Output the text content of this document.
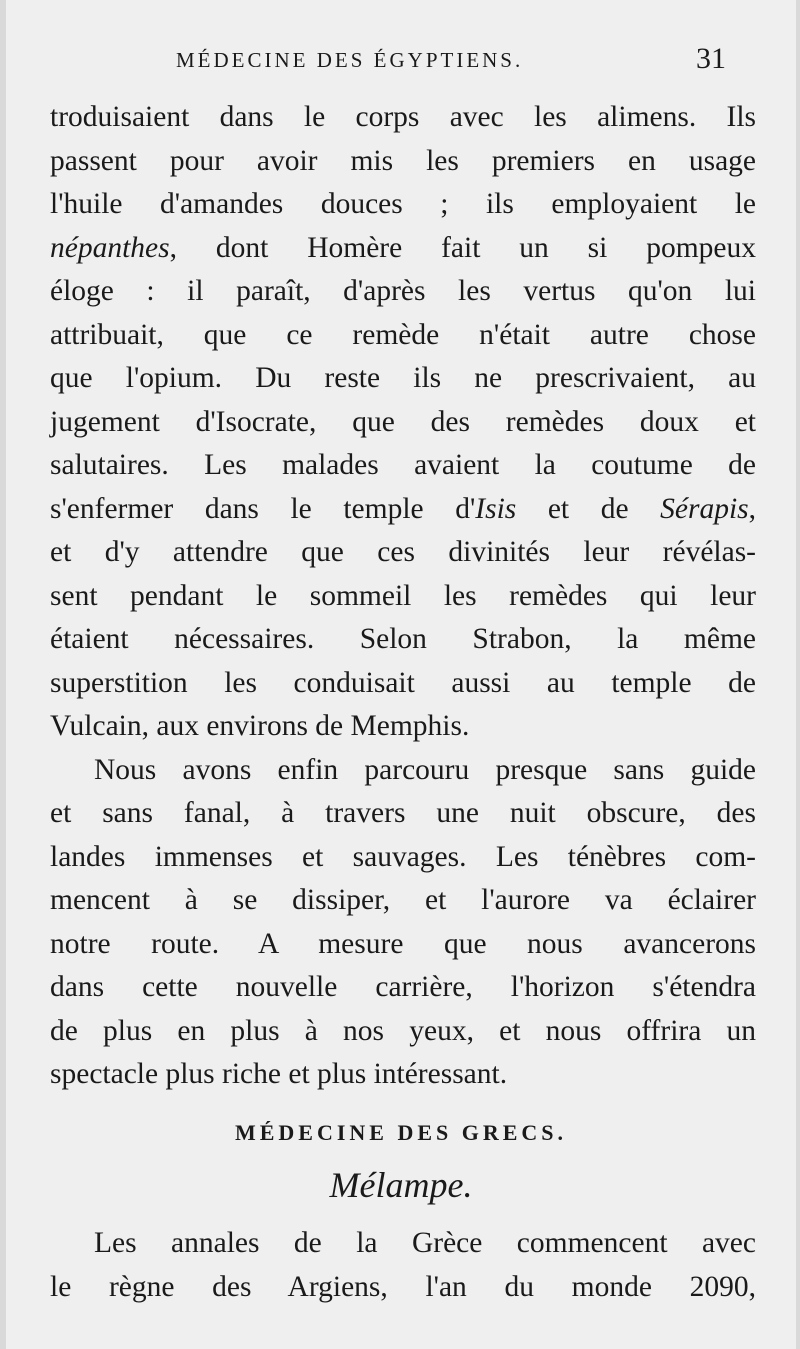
MÉDECINE DES ÉGYPTIENS.	31
troduisaient dans le corps avec les alimens. Ils
passent pour avoir mis les premiers en usage
l'huile d'amandes douces ; ils employaient le
népanthes, dont Homère fait un si pompeux
éloge : il paraît, d'après les vertus qu'on lui
attribuait, que ce remède n'était autre chose
que l'opium. Du reste ils ne prescrivaient, au
jugement d'Isocrate, que des remèdes doux et
salutaires. Les malades avaient la coutume de
s'enfermer dans le temple d'Isis et de Sérapis,
et d'y attendre que ces divinités leur révélas-
sent pendant le sommeil les remèdes qui leur
étaient nécessaires. Selon Strabon, la même
superstition les conduisait aussi au temple de
Vulcain, aux environs de Memphis.
Nous avons enfin parcouru presque sans guide
et sans fanal, à travers une nuit obscure, des
landes immenses et sauvages. Les ténèbres com-
mencent à se dissiper, et l'aurore va éclairer
notre route. A mesure que nous avancerons
dans cette nouvelle carrière, l'horizon s'étendra
de plus en plus à nos yeux, et nous offrira un
spectacle plus riche et plus intéressant.
MÉDECINE DES GRECS.
Mélampe.
Les annales de la Grèce commencent avec
le règne des Argiens, l'an du monde 2090,
